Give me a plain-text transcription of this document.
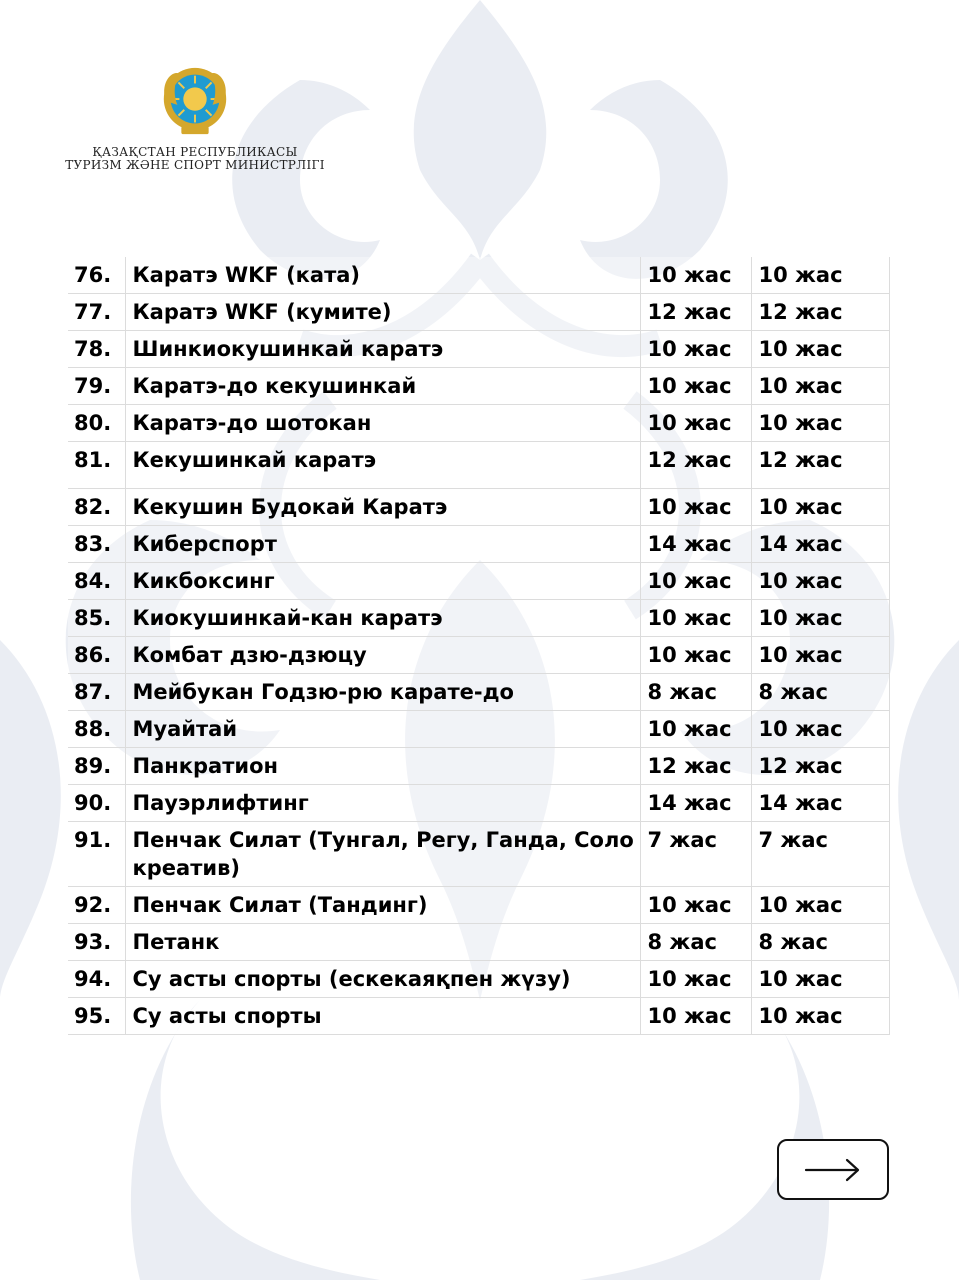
ҚАЗАҚСТАН РЕСПУБЛИКАСЫ
ТУРИЗМ ЖӘНЕ СПОРТ МИНИСТРЛІГІ
76.	Каратэ WKF (ката)	10 жас	10 жас
77.	Каратэ WKF (кумите)	12 жас	12 жас
78.	Шинкиокушинкай каратэ	10 жас	10 жас
79.	Каратэ-до кекушинкай	10 жас	10 жас
80.	Каратэ-до шотокан	10 жас	10 жас
81.	Кекушинкай каратэ	12 жас	12 жас
82.	Кекушин Будокай Каратэ	10 жас	10 жас
83.	Киберспорт	14 жас	14 жас
84.	Кикбоксинг	10 жас	10 жас
85.	Киокушинкай-кан каратэ	10 жас	10 жас
86.	Комбат дзю-дзюцу	10 жас	10 жас
87.	Мейбукан Годзю-рю карате-до	8 жас	8 жас
88.	Муайтай	10 жас	10 жас
89.	Панкратион	12 жас	12 жас
90.	Пауэрлифтинг	14 жас	14 жас
91.	Пенчак Силат (Тунгал, Регу, Ганда, Соло креатив)	7 жас	7 жас
92.	Пенчак Силат (Тандинг)	10 жас	10 жас
93.	Петанк	8 жас	8 жас
94.	Су асты спорты (ескекаяқпен жүзу)	10 жас	10 жас
95.	Су асты спорты	10 жас	10 жас
